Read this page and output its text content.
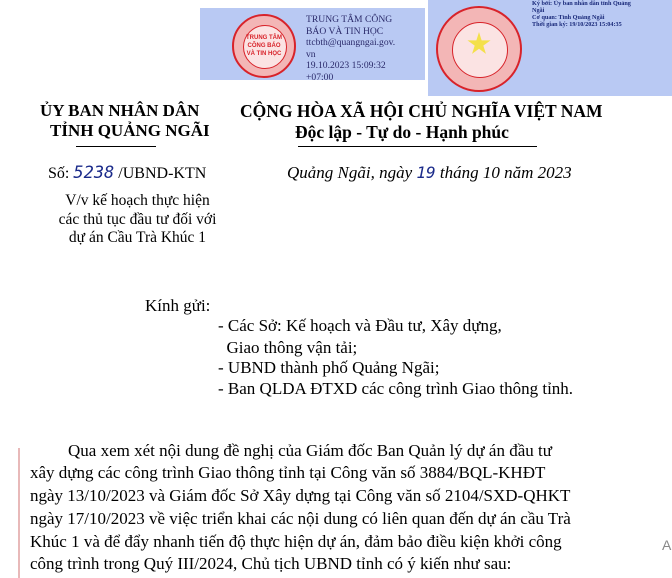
TRUNG TÂM
CÔNG BÁO
VÀ TIN HỌC
TRUNG TÂM CÔNG
BÁO VÀ TIN HỌC
ttcbth@quangngai.gov.
vn
19.10.2023 15:09:32
+07:00
Ký bởi: Ủy ban nhân dân tỉnh Quảng
Ngãi
Cơ quan: Tỉnh Quảng Ngãi
Thời gian ký: 19/10/2023 15:04:35
ỦY BAN NHÂN DÂN
TỈNH QUẢNG NGÃI
CỘNG HÒA XÃ HỘI CHỦ NGHĨA VIỆT NAM
Độc lập - Tự do - Hạnh phúc
Số: 5238 /UBND-KTN	Quảng Ngãi, ngày 19 tháng 10 năm 2023
V/v kế hoạch thực hiện
các thủ tục đầu tư đối với
dự án Cầu Trà Khúc 1
Kính gửi:
- Các Sở: Kế hoạch và Đầu tư, Xây dựng,
Giao thông vận tải;
- UBND thành phố Quảng Ngãi;
- Ban QLDA ĐTXD các công trình Giao thông tỉnh.
Qua xem xét nội dung đề nghị của Giám đốc Ban Quản lý dự án đầu tư
xây dựng các công trình Giao thông tỉnh tại Công văn số 3884/BQL-KHĐT
ngày 13/10/2023 và Giám đốc Sở Xây dựng tại Công văn số 2104/SXD-QHKT
ngày 17/10/2023 về việc triển khai các nội dung có liên quan đến dự án cầu Trà
Khúc 1 và để đẩy nhanh tiến độ thực hiện dự án, đảm bảo điều kiện khởi công
công trình trong Quý III/2024, Chủ tịch UBND tỉnh có ý kiến như sau:
A
